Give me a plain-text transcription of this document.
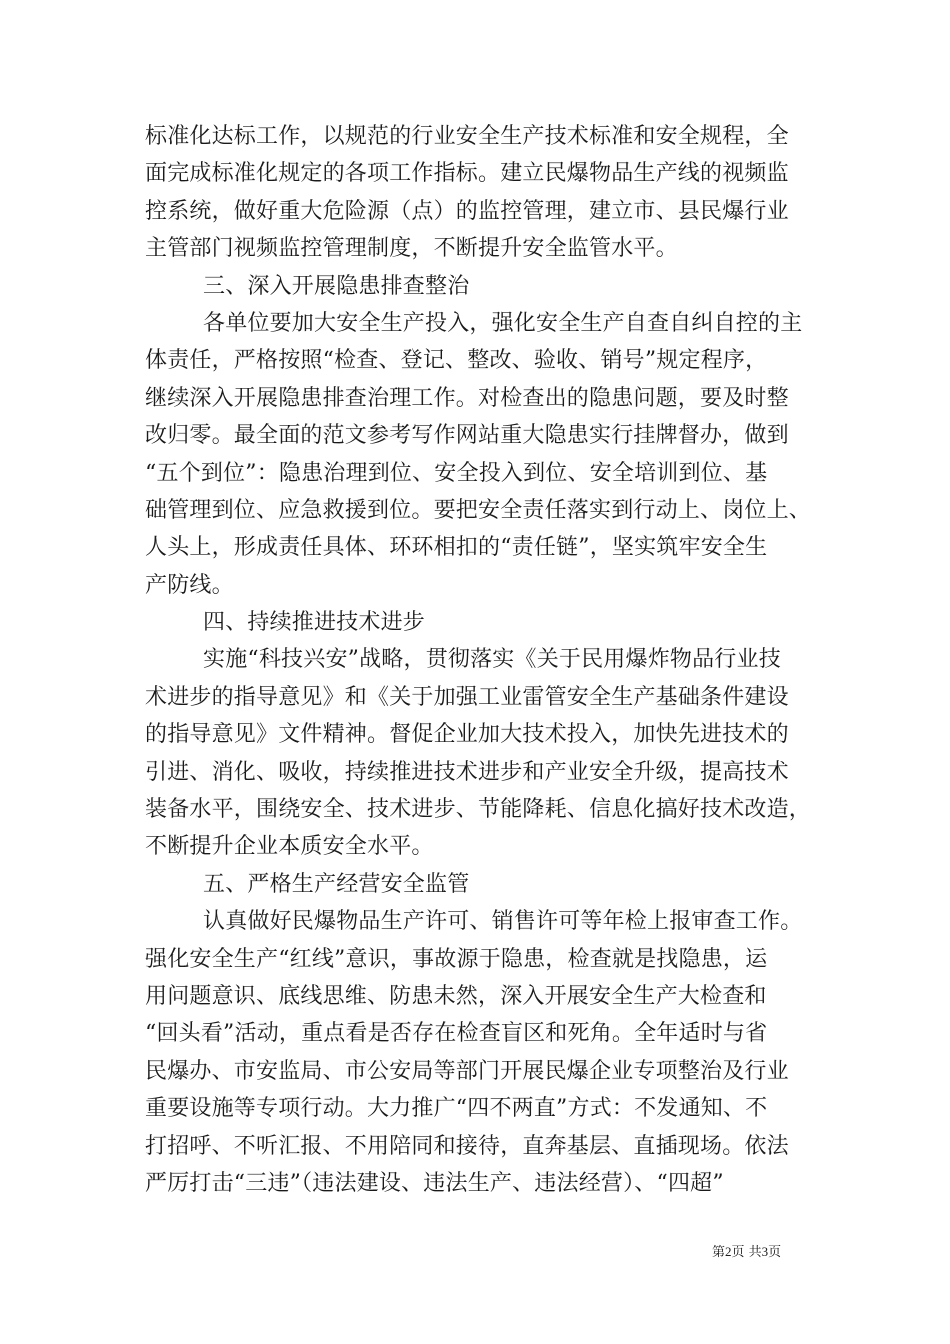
标准化达标工作，以规范的行业安全生产技术标准和安全规程，全
面完成标准化规定的各项工作指标。建立民爆物品生产线的视频监
控系统，做好重大危险源（点）的监控管理，建立市、县民爆行业
主管部门视频监控管理制度，不断提升安全监管水平。
三、深入开展隐患排查整治
各单位要加大安全生产投入，强化安全生产自查自纠自控的主
体责任，严格按照“检查、登记、整改、验收、销号”规定程序，
继续深入开展隐患排查治理工作。对检查出的隐患问题，要及时整
改归零。最全面的范文参考写作网站重大隐患实行挂牌督办，做到
“五个到位”：隐患治理到位、安全投入到位、安全培训到位、基
础管理到位、应急救援到位。要把安全责任落实到行动上、岗位上、
人头上，形成责任具体、环环相扣的“责任链”，坚实筑牢安全生
产防线。
四、持续推进技术进步
实施“科技兴安”战略，贯彻落实《关于民用爆炸物品行业技
术进步的指导意见》和《关于加强工业雷管安全生产基础条件建设
的指导意见》文件精神。督促企业加大技术投入，加快先进技术的
引进、消化、吸收，持续推进技术进步和产业安全升级，提高技术
装备水平，围绕安全、技术进步、节能降耗、信息化搞好技术改造，
不断提升企业本质安全水平。
五、严格生产经营安全监管
认真做好民爆物品生产许可、销售许可等年检上报审查工作。
强化安全生产“红线”意识，事故源于隐患，检查就是找隐患，运
用问题意识、底线思维、防患未然，深入开展安全生产大检查和
“回头看”活动，重点看是否存在检查盲区和死角。全年适时与省
民爆办、市安监局、市公安局等部门开展民爆企业专项整治及行业
重要设施等专项行动。大力推广“四不两直”方式：不发通知、不
打招呼、不听汇报、不用陪同和接待，直奔基层、直插现场。依法
严厉打击“三违”（违法建设、违法生产、违法经营）、“四超”
第2页 共3页
